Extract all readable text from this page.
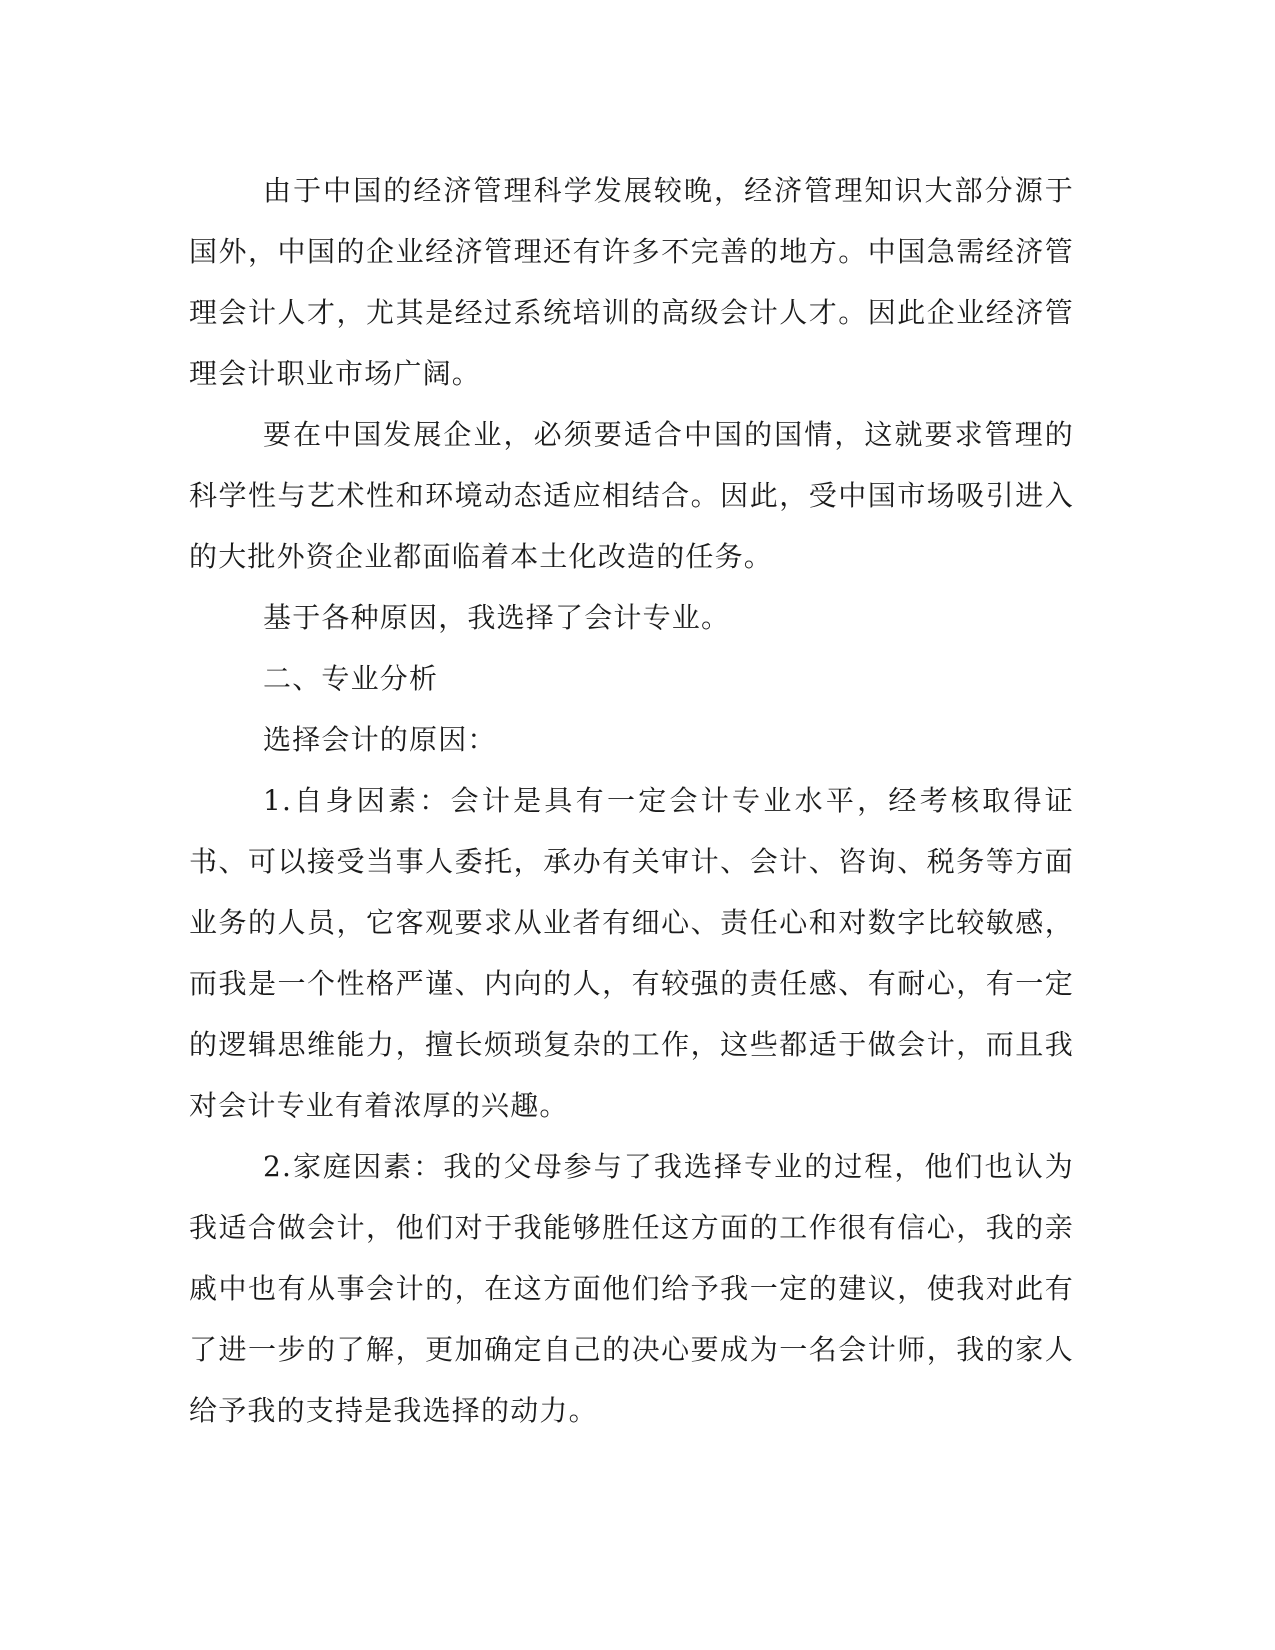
由于中国的经济管理科学发展较晚，经济管理知识大部分源于国外，中国的企业经济管理还有许多不完善的地方。中国急需经济管理会计人才，尤其是经过系统培训的高级会计人才。因此企业经济管理会计职业市场广阔。

要在中国发展企业，必须要适合中国的国情，这就要求管理的科学性与艺术性和环境动态适应相结合。因此，受中国市场吸引进入的大批外资企业都面临着本土化改造的任务。

基于各种原因，我选择了会计专业。

二、专业分析

选择会计的原因：

1.自身因素：会计是具有一定会计专业水平，经考核取得证书、可以接受当事人委托，承办有关审计、会计、咨询、税务等方面业务的人员，它客观要求从业者有细心、责任心和对数字比较敏感，而我是一个性格严谨、内向的人，有较强的责任感、有耐心，有一定的逻辑思维能力，擅长烦琐复杂的工作，这些都适于做会计，而且我对会计专业有着浓厚的兴趣。

2.家庭因素：我的父母参与了我选择专业的过程，他们也认为我适合做会计，他们对于我能够胜任这方面的工作很有信心，我的亲戚中也有从事会计的，在这方面他们给予我一定的建议，使我对此有了进一步的了解，更加确定自己的决心要成为一名会计师，我的家人给予我的支持是我选择的动力。
